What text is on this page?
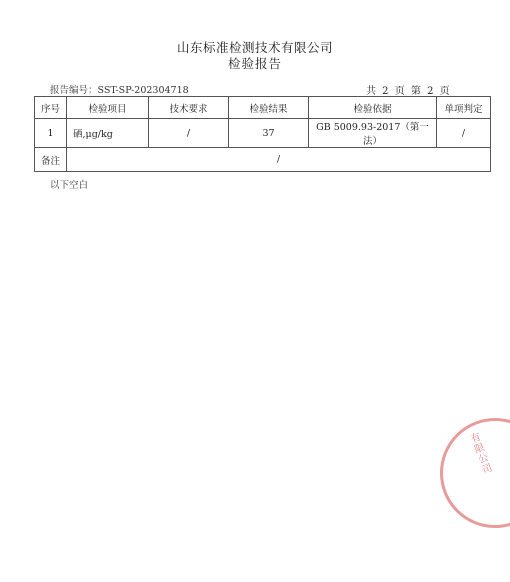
山东标准检测技术有限公司
检验报告
报告编号：SST-SP-202304718	共 2 页 第 2 页
序号	检验项目	技术要求	检验结果	检验依据	单项判定
1	硒,μg/kg	/	37	GB 5009.93-2017（第一法）	/
备注	/				
以下空白
有限公司
